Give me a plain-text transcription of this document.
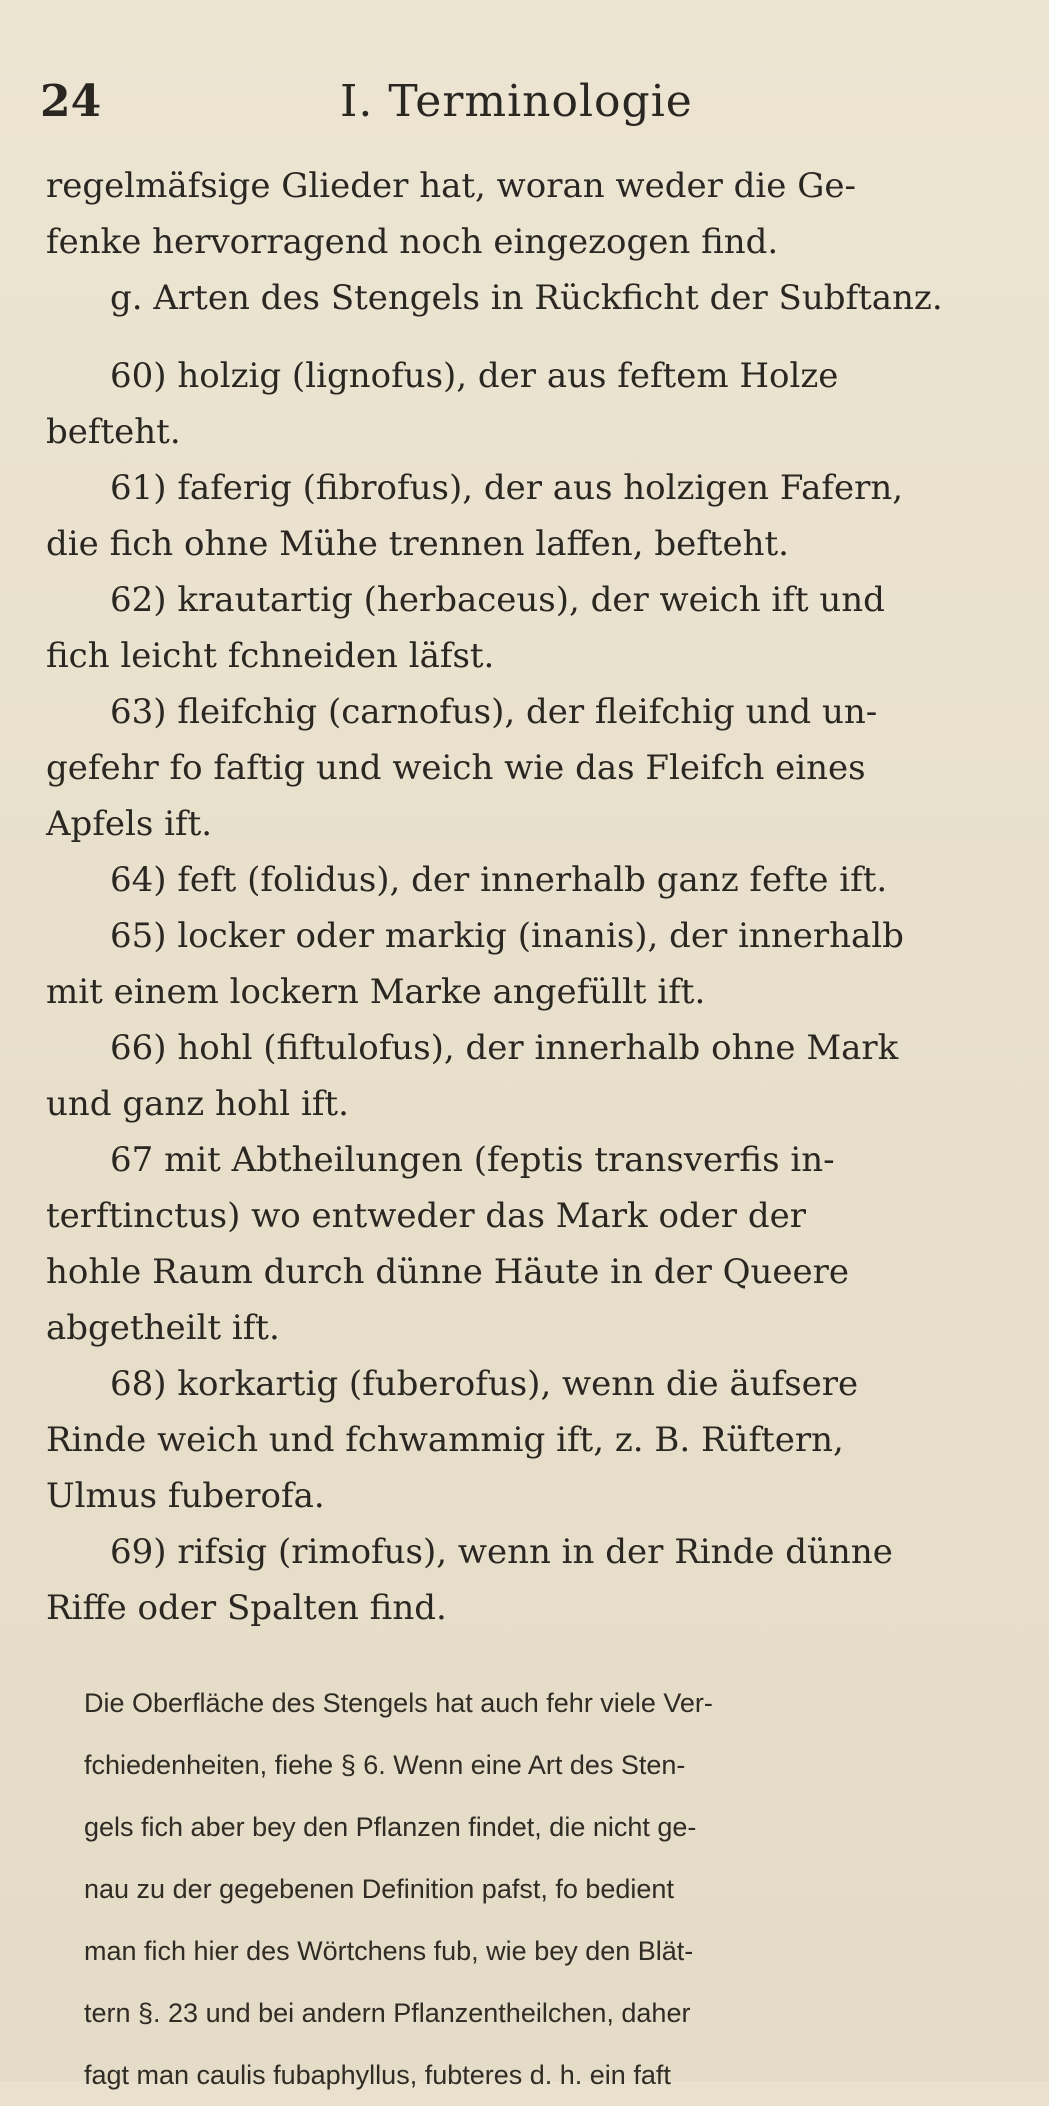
24	I. Terminologie
regelmäfsige Glieder hat, woran weder die Ge-
fenke hervorragend noch eingezogen find.
g. Arten des Stengels in Rückficht der Subftanz.
60) holzig (lignofus), der aus feftem Holze
befteht.
61) faferig (fibrofus), der aus holzigen Fafern,
die fich ohne Mühe trennen laffen, befteht.
62) krautartig (herbaceus), der weich ift und
fich leicht fchneiden läfst.
63) fleifchig (carnofus), der fleifchig und un-
gefehr fo faftig und weich wie das Fleifch eines
Apfels ift.
64) feft (folidus), der innerhalb ganz fefte ift.
65) locker oder markig (inanis), der innerhalb
mit einem lockern Marke angefüllt ift.
66) hohl (fiftulofus), der innerhalb ohne Mark
und ganz hohl ift.
67 mit Abtheilungen (feptis transverfis in-
terftinctus) wo entweder das Mark oder der
hohle Raum durch dünne Häute in der Queere
abgetheilt ift.
68) korkartig (fuberofus), wenn die äufsere
Rinde weich und fchwammig ift, z. B. Rüftern,
Ulmus fuberofa.
69) rifsig (rimofus), wenn in der Rinde dünne
Riffe oder Spalten find.
Die Oberfläche des Stengels hat auch fehr viele Ver-
fchiedenheiten, fiehe § 6. Wenn eine Art des Sten-
gels fich aber bey den Pflanzen findet, die nicht ge-
nau zu der gegebenen Definition pafst, fo bedient
man fich hier des Wörtchens fub, wie bey den Blät-
tern §. 23 und bei andern Pflanzentheilchen, daher
fagt man caulis fubaphyllus, fubteres d. h. ein faft
